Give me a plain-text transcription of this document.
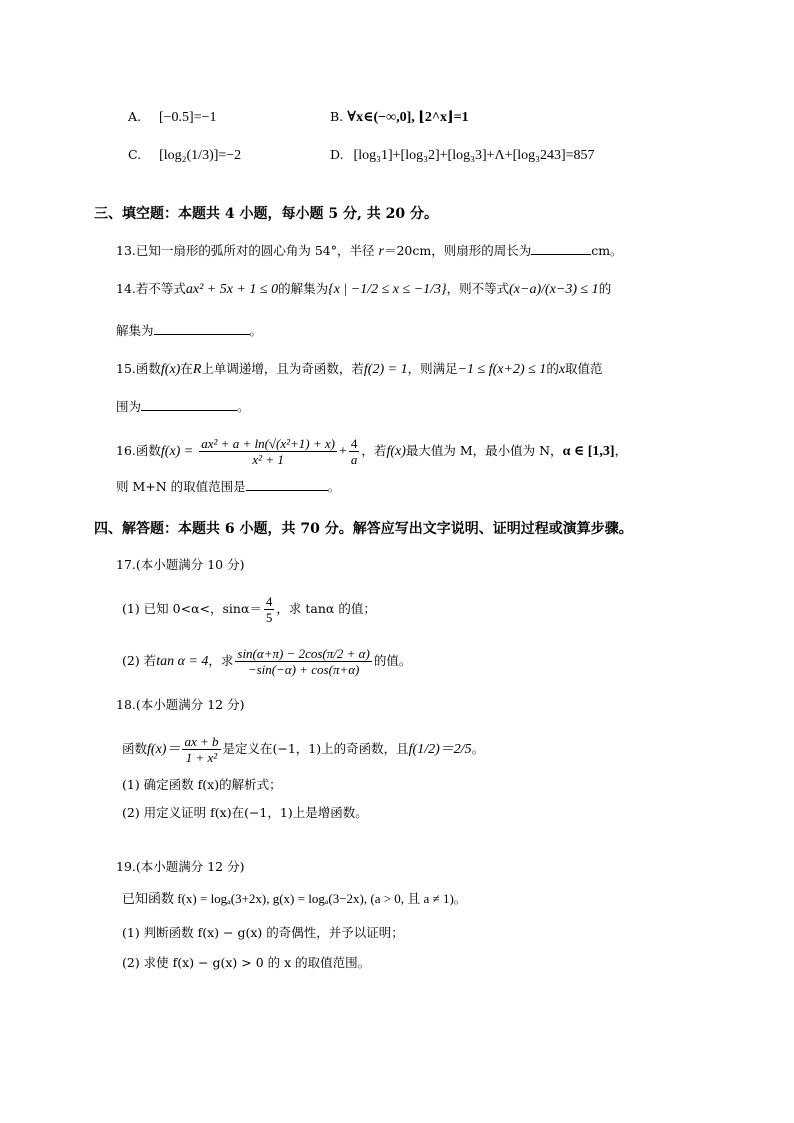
A. [−0.5]=−1	B. ∀x∈(−∞,0], ⌊2^x⌋=1
C. [log₂(1/3)]=−2	D. [log₃1]+[log₃2]+[log₃3]+Λ+[log₃243]=857
三、填空题：本题共 4 小题，每小题 5 分, 共 20 分。
13.已知一扇形的弧所对的圆心角为 54°，半径 r＝20cm，则扇形的周长为	cm。
14.若不等式ax² + 5x + 1 ≤ 0的解集为{x | −1/2 ≤ x ≤ −1/3}，则不等式(x−a)/(x−3) ≤ 1的
解集为	。
15.函数f(x)在R上单调递增，且为奇函数，若f(2) = 1，则满足−1 ≤ f(x+2) ≤ 1的x取值范
围为	。
16.函数$f(x) = \frac{\text{ax² + a + ln(√(x²+1) + x)}}{\text{x² + 1}} + \frac{4}{a}$ ，若f(x)最大值为 M，最小值为 N，α ∈ [1,3]，
则 M+N 的取值范围是	。
四、解答题：本题共 6 小题，共 70 分。解答应写出文字说明、证明过程或演算步骤。
17.(本小题满分 10 分)
(1) 已知 0<α<，$\sin\alpha= \frac{4}{5}$ ，求 tanα 的值；
(2) 若tan α = 4，求 $\frac{\sin(\alpha+\pi) - 2\cos(\pi/2 + \alpha)}{-\sin(-\alpha) + \cos(\pi+\alpha)}$ 的值。
18.(本小题满分 12 分)
函数$f(x)= \frac{ax + b}{\text{1 + x²}}$ 是定义在(−1，1)上的奇函数，且f(1/2)＝2/5。
(1) 确定函数 f(x)的解析式；
(2) 用定义证明 f(x)在(−1，1)上是增函数。
19.(本小题满分 12 分)
已知函数 f(x) = logₐ(3+2x), g(x) = logₐ(3−2x), (a > 0, 且 a ≠ 1)。
(1) 判断函数 f(x) − g(x) 的奇偶性，并予以证明；
(2) 求使 f(x) − g(x) > 0 的 x 的取值范围。
